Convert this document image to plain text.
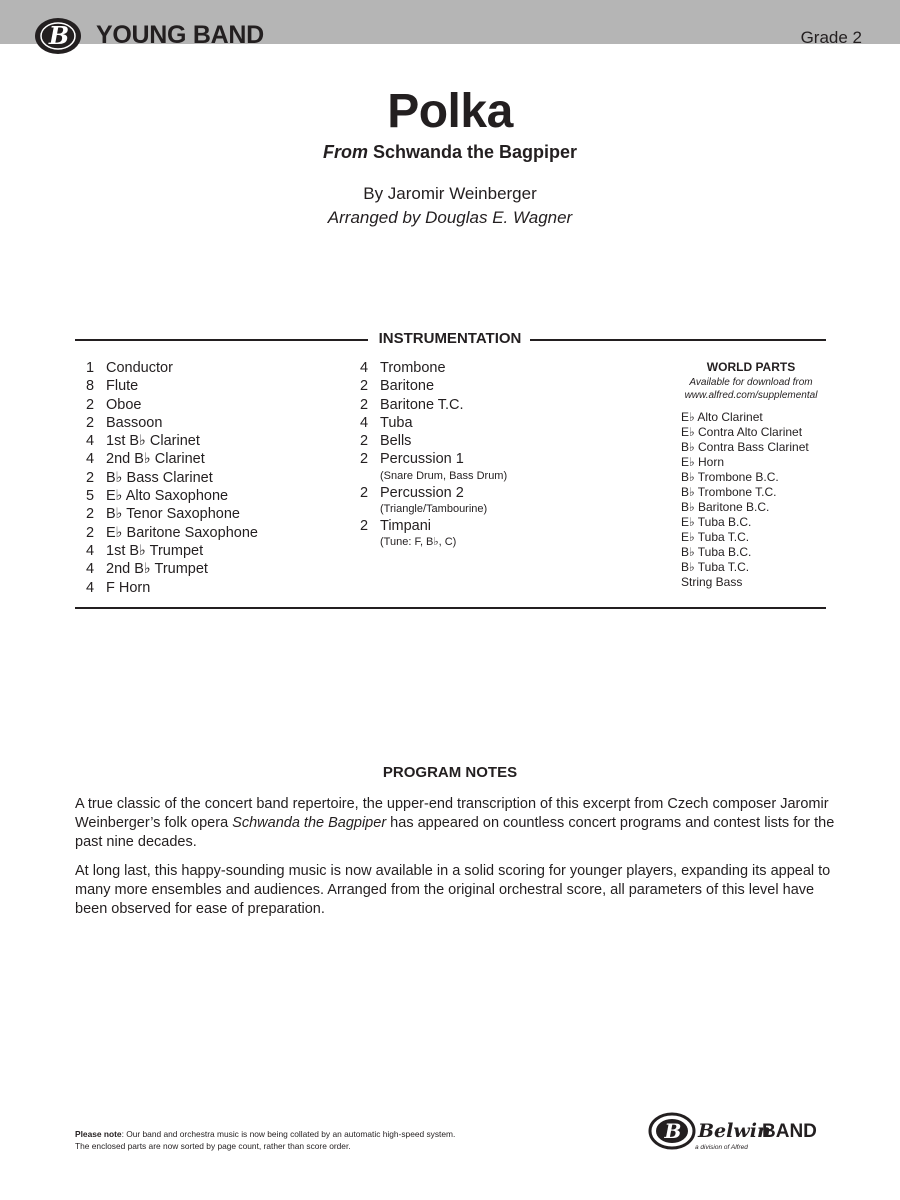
B YOUNG BAND	Grade 2
Polka
From Schwanda the Bagpiper
By Jaromir Weinberger
Arranged by Douglas E. Wagner
INSTRUMENTATION
1 Conductor
8 Flute
2 Oboe
2 Bassoon
4 1st B♭ Clarinet
4 2nd B♭ Clarinet
2 B♭ Bass Clarinet
5 E♭ Alto Saxophone
2 B♭ Tenor Saxophone
2 E♭ Baritone Saxophone
4 1st B♭ Trumpet
4 2nd B♭ Trumpet
4 F Horn
4 Trombone
2 Baritone
2 Baritone T.C.
4 Tuba
2 Bells
2 Percussion 1
(Snare Drum, Bass Drum)
2 Percussion 2
(Triangle/Tambourine)
2 Timpani
(Tune: F, B♭, C)
WORLD PARTS
Available for download from
www.alfred.com/supplemental
E♭ Alto Clarinet
E♭ Contra Alto Clarinet
B♭ Contra Bass Clarinet
E♭ Horn
B♭ Trombone B.C.
B♭ Trombone T.C.
B♭ Baritone B.C.
E♭ Tuba B.C.
E♭ Tuba T.C.
B♭ Tuba B.C.
B♭ Tuba T.C.
String Bass
PROGRAM NOTES

A true classic of the concert band repertoire, the upper-end transcription of this excerpt from Czech composer Jaromir Weinberger’s folk opera Schwanda the Bagpiper has appeared on countless concert programs and contest lists for the past nine decades.

At long last, this happy-sounding music is now available in a solid scoring for younger players, expanding its appeal to many more ensembles and audiences. Arranged from the original orchestral score, all parameters of this level have been observed for ease of preparation.

Please note: Our band and orchestra music is now being collated by an automatic high-speed system.
The enclosed parts are now sorted by page count, rather than score order.
B Belwin
BAND
a division of Alfred
